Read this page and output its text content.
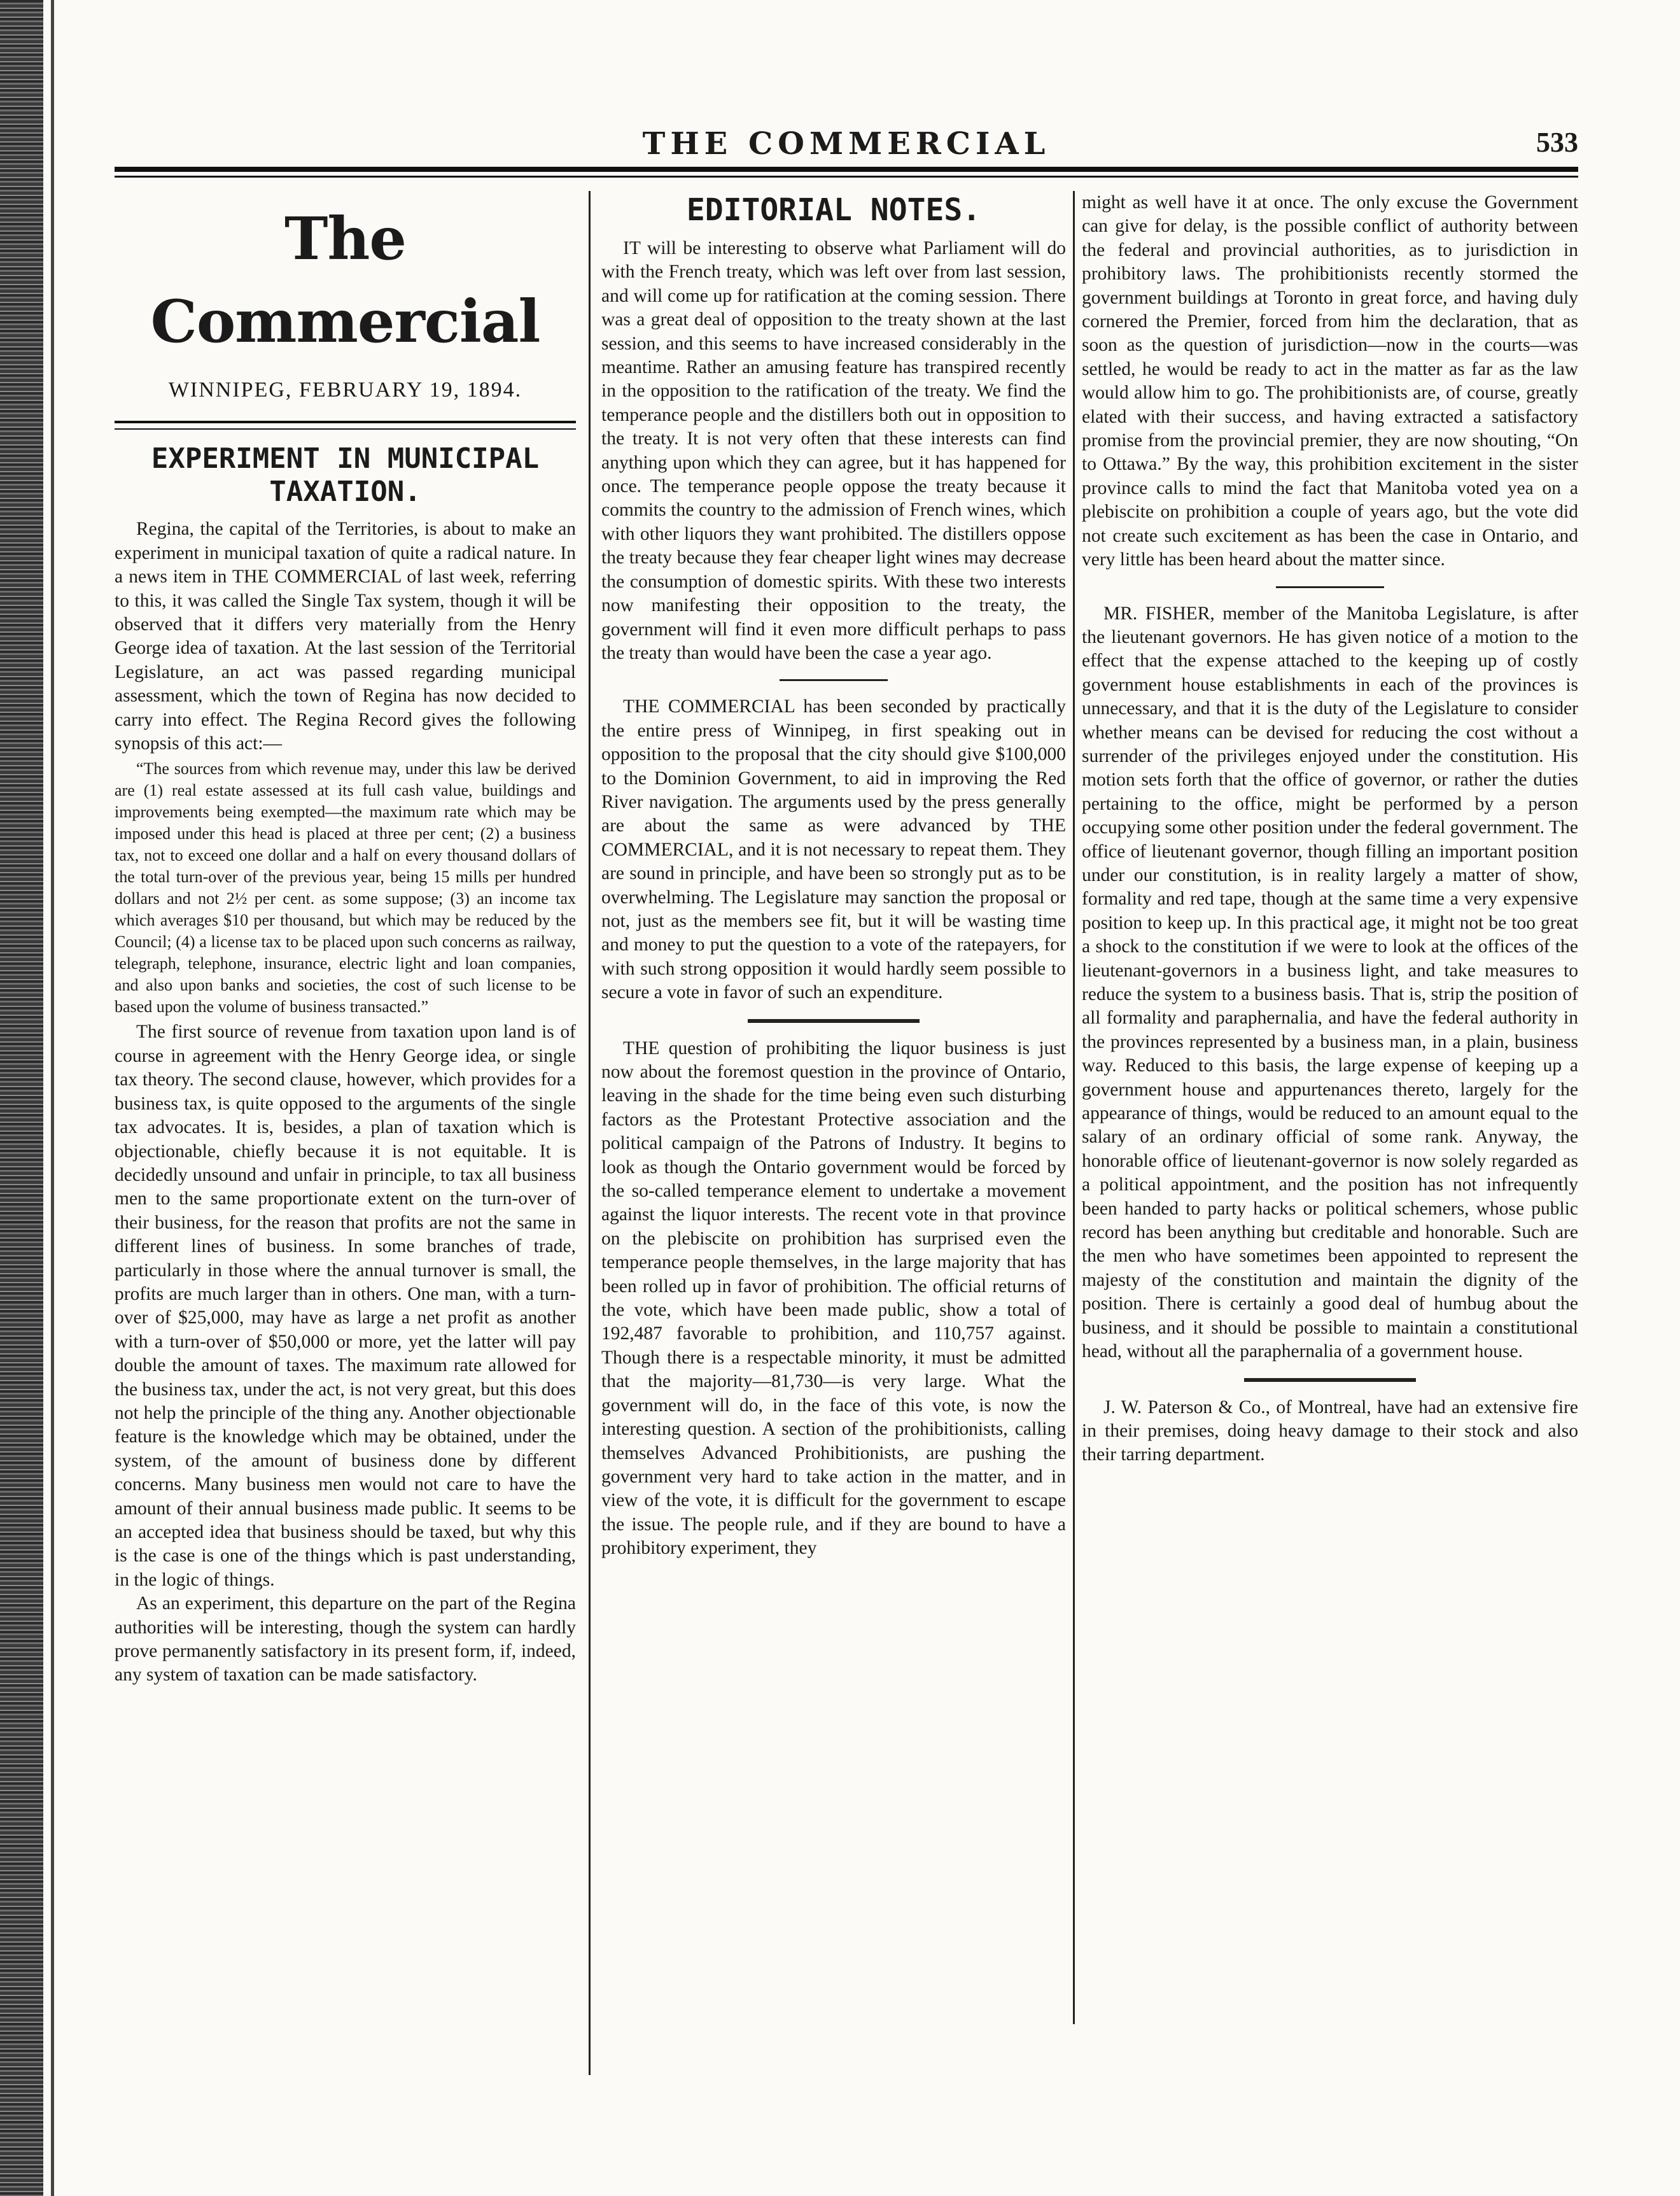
THE COMMERCIAL	533
The Commercial
WINNIPEG, FEBRUARY 19, 1894.
EXPERIMENT IN MUNICIPAL TAXATION.

Regina, the capital of the Territories, is about to make an experiment in municipal taxation of quite a radical nature. In a news item in THE COMMERCIAL of last week, referring to this, it was called the Single Tax system, though it will be observed that it differs very materially from the Henry George idea of taxation. At the last session of the Territorial Legislature, an act was passed regarding municipal assessment, which the town of Regina has now decided to carry into effect. The Regina Record gives the following synopsis of this act:—

“The sources from which revenue may, under this law be derived are (1) real estate assessed at its full cash value, buildings and improvements being exempted—the maximum rate which may be imposed under this head is placed at three per cent; (2) a business tax, not to exceed one dollar and a half on every thousand dollars of the total turn-over of the previous year, being 15 mills per hundred dollars and not 2½ per cent. as some suppose; (3) an income tax which averages $10 per thousand, but which may be reduced by the Council; (4) a license tax to be placed upon such concerns as railway, telegraph, telephone, insurance, electric light and loan companies, and also upon banks and societies, the cost of such license to be based upon the volume of business transacted.”

The first source of revenue from taxation upon land is of course in agreement with the Henry George idea, or single tax theory. The second clause, however, which provides for a business tax, is quite opposed to the arguments of the single tax advocates. It is, besides, a plan of taxation which is objectionable, chiefly because it is not equitable. It is decidedly unsound and unfair in principle, to tax all business men to the same proportionate extent on the turn-over of their business, for the reason that profits are not the same in different lines of business. In some branches of trade, particularly in those where the annual turnover is small, the profits are much larger than in others. One man, with a turn-over of $25,000, may have as large a net profit as another with a turn-over of $50,000 or more, yet the latter will pay double the amount of taxes. The maximum rate allowed for the business tax, under the act, is not very great, but this does not help the principle of the thing any. Another objectionable feature is the knowledge which may be obtained, under the system, of the amount of business done by different concerns. Many business men would not care to have the amount of their annual business made public. It seems to be an accepted idea that business should be taxed, but why this is the case is one of the things which is past understanding, in the logic of things.

As an experiment, this departure on the part of the Regina authorities will be interesting, though the system can hardly prove permanently satisfactory in its present form, if, indeed, any system of taxation can be made satisfactory.

EDITORIAL NOTES.

IT will be interesting to observe what Parliament will do with the French treaty, which was left over from last session, and will come up for ratification at the coming session. There was a great deal of opposition to the treaty shown at the last session, and this seems to have increased considerably in the meantime. Rather an amusing feature has transpired recently in the opposition to the ratification of the treaty. We find the temperance people and the distillers both out in opposition to the treaty. It is not very often that these interests can find anything upon which they can agree, but it has happened for once. The temperance people oppose the treaty because it commits the country to the admission of French wines, which with other liquors they want prohibited. The distillers oppose the treaty because they fear cheaper light wines may decrease the consumption of domestic spirits. With these two interests now manifesting their opposition to the treaty, the government will find it even more difficult perhaps to pass the treaty than would have been the case a year ago.

THE COMMERCIAL has been seconded by practically the entire press of Winnipeg, in first speaking out in opposition to the proposal that the city should give $100,000 to the Dominion Government, to aid in improving the Red River navigation. The arguments used by the press generally are about the same as were advanced by THE COMMERCIAL, and it is not necessary to repeat them. They are sound in principle, and have been so strongly put as to be overwhelming. The Legislature may sanction the proposal or not, just as the members see fit, but it will be wasting time and money to put the question to a vote of the ratepayers, for with such strong opposition it would hardly seem possible to secure a vote in favor of such an expenditure.

THE question of prohibiting the liquor business is just now about the foremost question in the province of Ontario, leaving in the shade for the time being even such disturbing factors as the Protestant Protective association and the political campaign of the Patrons of Industry. It begins to look as though the Ontario government would be forced by the so-called temperance element to undertake a movement against the liquor interests. The recent vote in that province on the plebiscite on prohibition has surprised even the temperance people themselves, in the large majority that has been rolled up in favor of prohibition. The official returns of the vote, which have been made public, show a total of 192,487 favorable to prohibition, and 110,757 against. Though there is a respectable minority, it must be admitted that the majority—81,730—is very large. What the government will do, in the face of this vote, is now the interesting question. A section of the prohibitionists, calling themselves Advanced Prohibitionists, are pushing the government very hard to take action in the matter, and in view of the vote, it is difficult for the government to escape the issue. The people rule, and if they are bound to have a prohibitory experiment, they

might as well have it at once. The only excuse the Government can give for delay, is the possible conflict of authority between the federal and provincial authorities, as to jurisdiction in prohibitory laws. The prohibitionists recently stormed the government buildings at Toronto in great force, and having duly cornered the Premier, forced from him the declaration, that as soon as the question of jurisdiction—now in the courts—was settled, he would be ready to act in the matter as far as the law would allow him to go. The prohibitionists are, of course, greatly elated with their success, and having extracted a satisfactory promise from the provincial premier, they are now shouting, “On to Ottawa.” By the way, this prohibition excitement in the sister province calls to mind the fact that Manitoba voted yea on a plebiscite on prohibition a couple of years ago, but the vote did not create such excitement as has been the case in Ontario, and very little has been heard about the matter since.

MR. FISHER, member of the Manitoba Legislature, is after the lieutenant governors. He has given notice of a motion to the effect that the expense attached to the keeping up of costly government house establishments in each of the provinces is unnecessary, and that it is the duty of the Legislature to consider whether means can be devised for reducing the cost without a surrender of the privileges enjoyed under the constitution. His motion sets forth that the office of governor, or rather the duties pertaining to the office, might be performed by a person occupying some other position under the federal government. The office of lieutenant governor, though filling an important position under our constitution, is in reality largely a matter of show, formality and red tape, though at the same time a very expensive position to keep up. In this practical age, it might not be too great a shock to the constitution if we were to look at the offices of the lieutenant-governors in a business light, and take measures to reduce the system to a business basis. That is, strip the position of all formality and paraphernalia, and have the federal authority in the provinces represented by a business man, in a plain, business way. Reduced to this basis, the large expense of keeping up a government house and appurtenances thereto, largely for the appearance of things, would be reduced to an amount equal to the salary of an ordinary official of some rank. Anyway, the honorable office of lieutenant-governor is now solely regarded as a political appointment, and the position has not infrequently been handed to party hacks or political schemers, whose public record has been anything but creditable and honorable. Such are the men who have sometimes been appointed to represent the majesty of the constitution and maintain the dignity of the position. There is certainly a good deal of humbug about the business, and it should be possible to maintain a constitutional head, without all the paraphernalia of a government house.

J. W. Paterson & Co., of Montreal, have had an extensive fire in their premises, doing heavy damage to their stock and also their tarring department.
